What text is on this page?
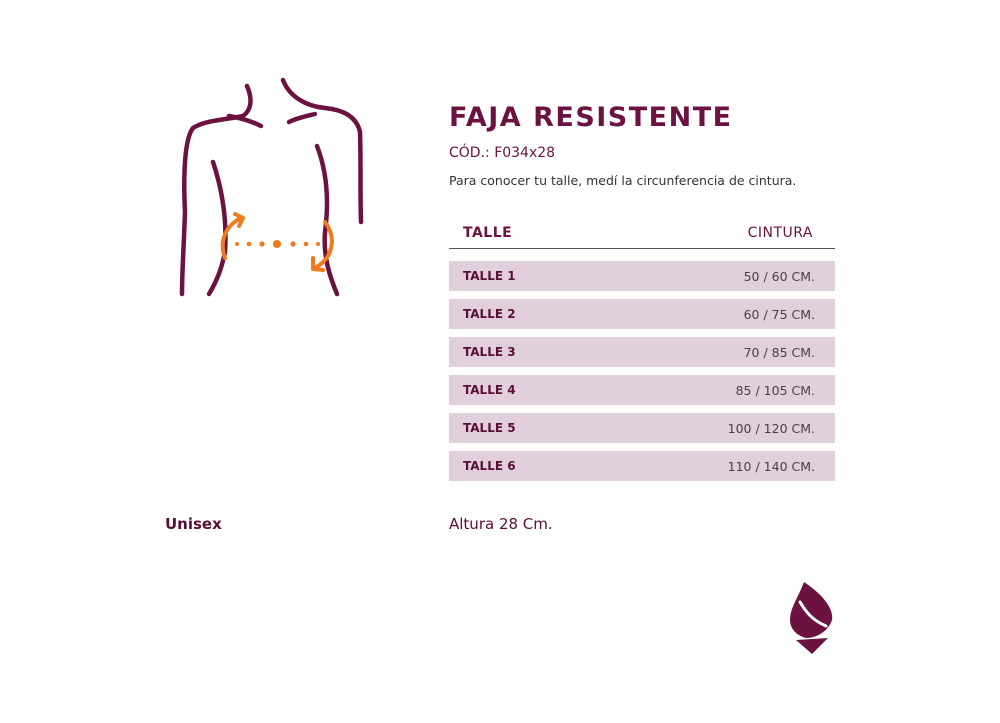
FAJA RESISTENTE
CÓD.: F034x28
Para conocer tu talle, medí la circunferencia de cintura.
TALLE	CINTURA
TALLE 1	50 / 60 CM.
TALLE 2	60 / 75 CM.
TALLE 3	70 / 85 CM.
TALLE 4	85 / 105 CM.
TALLE 5	100 / 120 CM.
TALLE 6	110 / 140 CM.
Unisex	Altura 28 Cm.
